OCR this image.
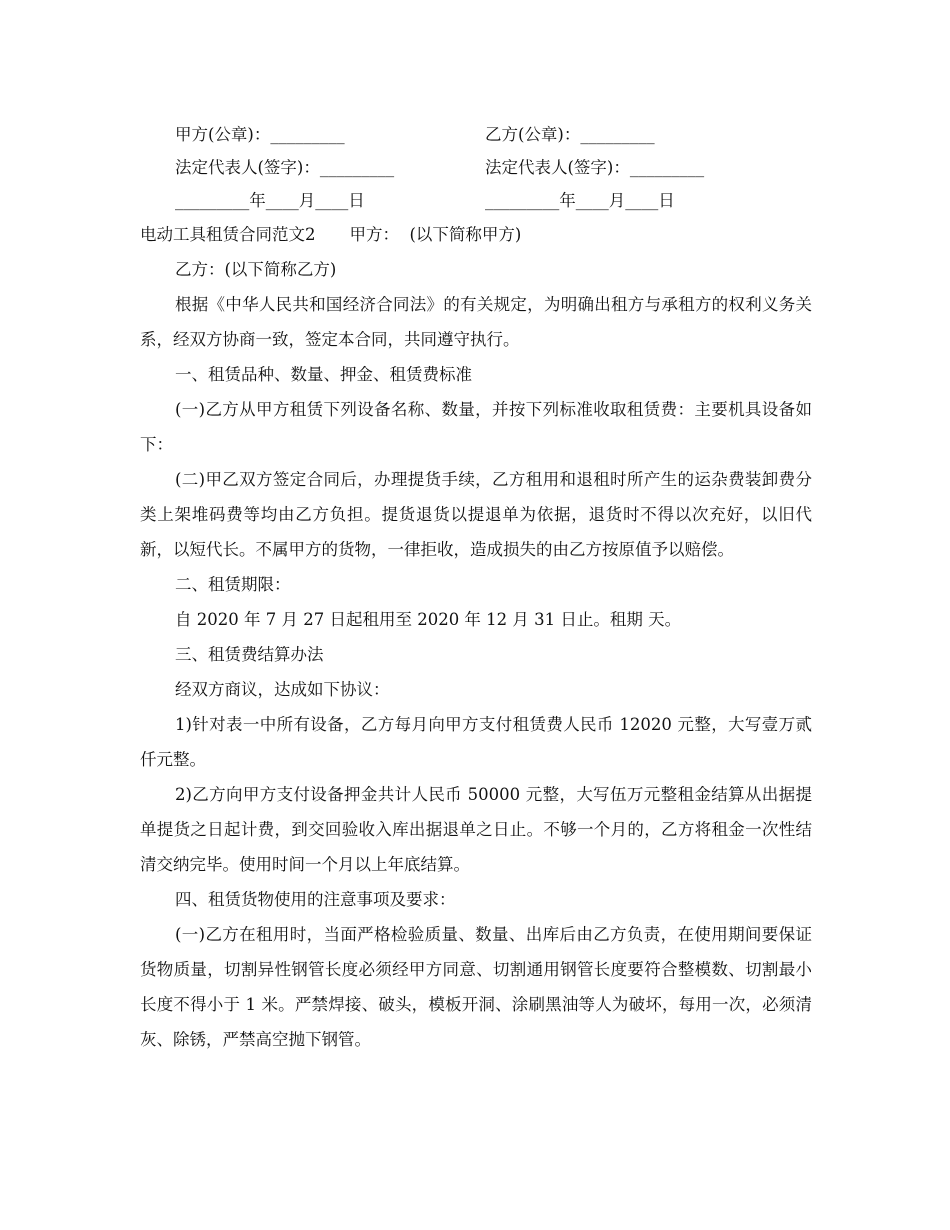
甲方(公章)：_________	乙方(公章)：_________
法定代表人(签字)：_________	法定代表人(签字)：_________
_________年____月____日	_________年____月____日
电动工具租赁合同范文2	甲方：  (以下简称甲方)
乙方：(以下简称乙方)
根据《中华人民共和国经济合同法》的有关规定，为明确出租方与承租方的权利义务关系，经双方协商一致，签定本合同，共同遵守执行。
一、租赁品种、数量、押金、租赁费标准
(一)乙方从甲方租赁下列设备名称、数量，并按下列标准收取租赁费：主要机具设备如下：
(二)甲乙双方签定合同后，办理提货手续，乙方租用和退租时所产生的运杂费装卸费分类上架堆码费等均由乙方负担。提货退货以提退单为依据，退货时不得以次充好，以旧代新，以短代长。不属甲方的货物，一律拒收，造成损失的由乙方按原值予以赔偿。
二、租赁期限：
自 2020 年 7 月 27 日起租用至 2020 年 12 月 31 日止。租期 天。
三、租赁费结算办法
经双方商议，达成如下协议：
1)针对表一中所有设备，乙方每月向甲方支付租赁费人民币 12020 元整，大写壹万贰仟元整。
2)乙方向甲方支付设备押金共计人民币 50000 元整，大写伍万元整租金结算从出据提单提货之日起计费，到交回验收入库出据退单之日止。不够一个月的，乙方将租金一次性结清交纳完毕。使用时间一个月以上年底结算。
四、租赁货物使用的注意事项及要求：
(一)乙方在租用时，当面严格检验质量、数量、出库后由乙方负责，在使用期间要保证货物质量，切割异性钢管长度必须经甲方同意、切割通用钢管长度要符合整模数、切割最小长度不得小于 1 米。严禁焊接、破头，模板开洞、涂刷黑油等人为破坏，每用一次，必须清灰、除锈，严禁高空抛下钢管。
